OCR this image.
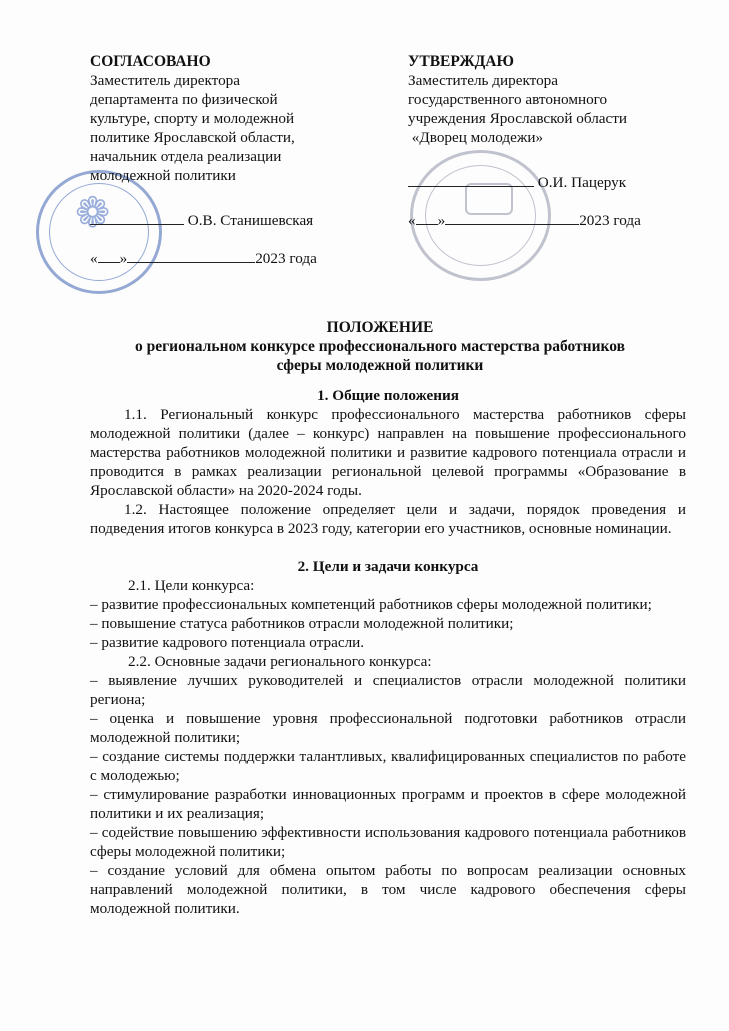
❁
СОГЛАСОВАНО
Заместитель директора
департамента по физической
культуре, спорту и молодежной
политике Ярославской области,
начальник отдела реализации
молодежной политики
О.В. Станишевская
« »	2023 года
УТВЕРЖДАЮ
Заместитель директора
государственного автономного
учреждения Ярославской области
«Дворец молодежи»
О.И. Пацерук
« »	2023 года
ПОЛОЖЕНИЕ
о региональном конкурсе профессионального мастерства работников
сферы молодежной политики

1. Общие положения

1.1. Региональный конкурс профессионального мастерства работников сферы молодежной политики (далее – конкурс) направлен на повышение профессионального мастерства работников молодежной политики и развитие кадрового потенциала отрасли и проводится в рамках реализации региональной целевой программы «Образование в Ярославской области» на 2020-2024 годы.

1.2. Настоящее положение определяет цели и задачи, порядок проведения и подведения итогов конкурса в 2023 году, категории его участников, основные номинации.

2. Цели и задачи конкурса

2.1. Цели конкурса:

– развитие профессиональных компетенций работников сферы молодежной политики;

– повышение статуса работников отрасли молодежной политики;

– развитие кадрового потенциала отрасли.

2.2. Основные задачи регионального конкурса:

– выявление лучших руководителей и специалистов отрасли молодежной политики региона;

– оценка и повышение уровня профессиональной подготовки работников отрасли молодежной политики;

– создание системы поддержки талантливых, квалифицированных специалистов по работе с молодежью;

– стимулирование разработки инновационных программ и проектов в сфере молодежной политики и их реализация;

– содействие повышению эффективности использования кадрового потенциала работников сферы молодежной политики;

– создание условий для обмена опытом работы по вопросам реализации основных направлений молодежной политики, в том числе кадрового обеспечения сферы молодежной политики.
